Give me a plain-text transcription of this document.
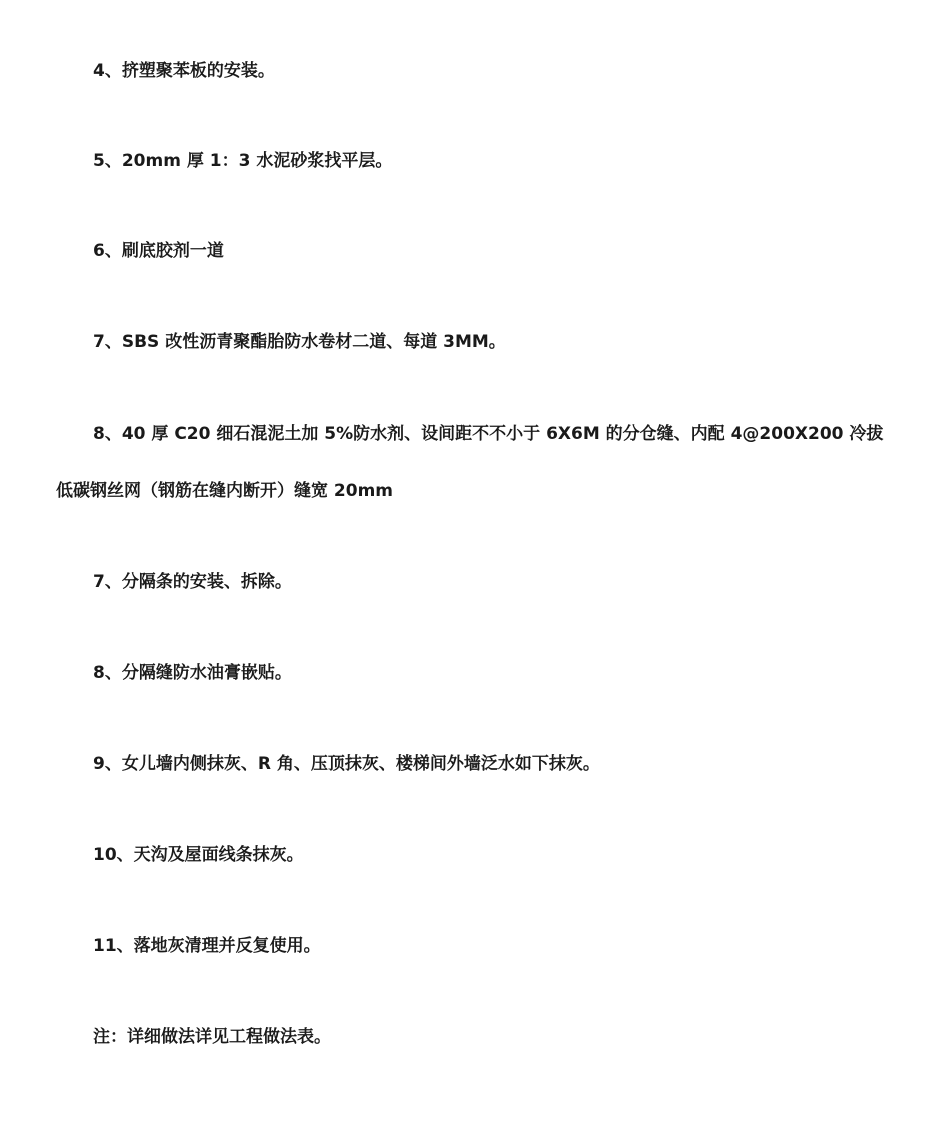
4、挤塑聚苯板的安装。
5、20mm 厚 1：3 水泥砂浆找平层。
6、刷底胶剂一道
7、SBS 改性沥青聚酯胎防水卷材二道、每道 3MM。
8、40 厚 C20 细石混泥土加 5%防水剂、设间距不不小于 6X6M 的分仓缝、内配 4@200X200 冷拔
低碳钢丝网（钢筋在缝内断开）缝宽 20mm
7、分隔条的安装、拆除。
8、分隔缝防水油膏嵌贴。
9、女儿墙内侧抹灰、R 角、压顶抹灰、楼梯间外墙泛水如下抹灰。
10、天沟及屋面线条抹灰。
11、落地灰清理并反复使用。
注：详细做法详见工程做法表。
